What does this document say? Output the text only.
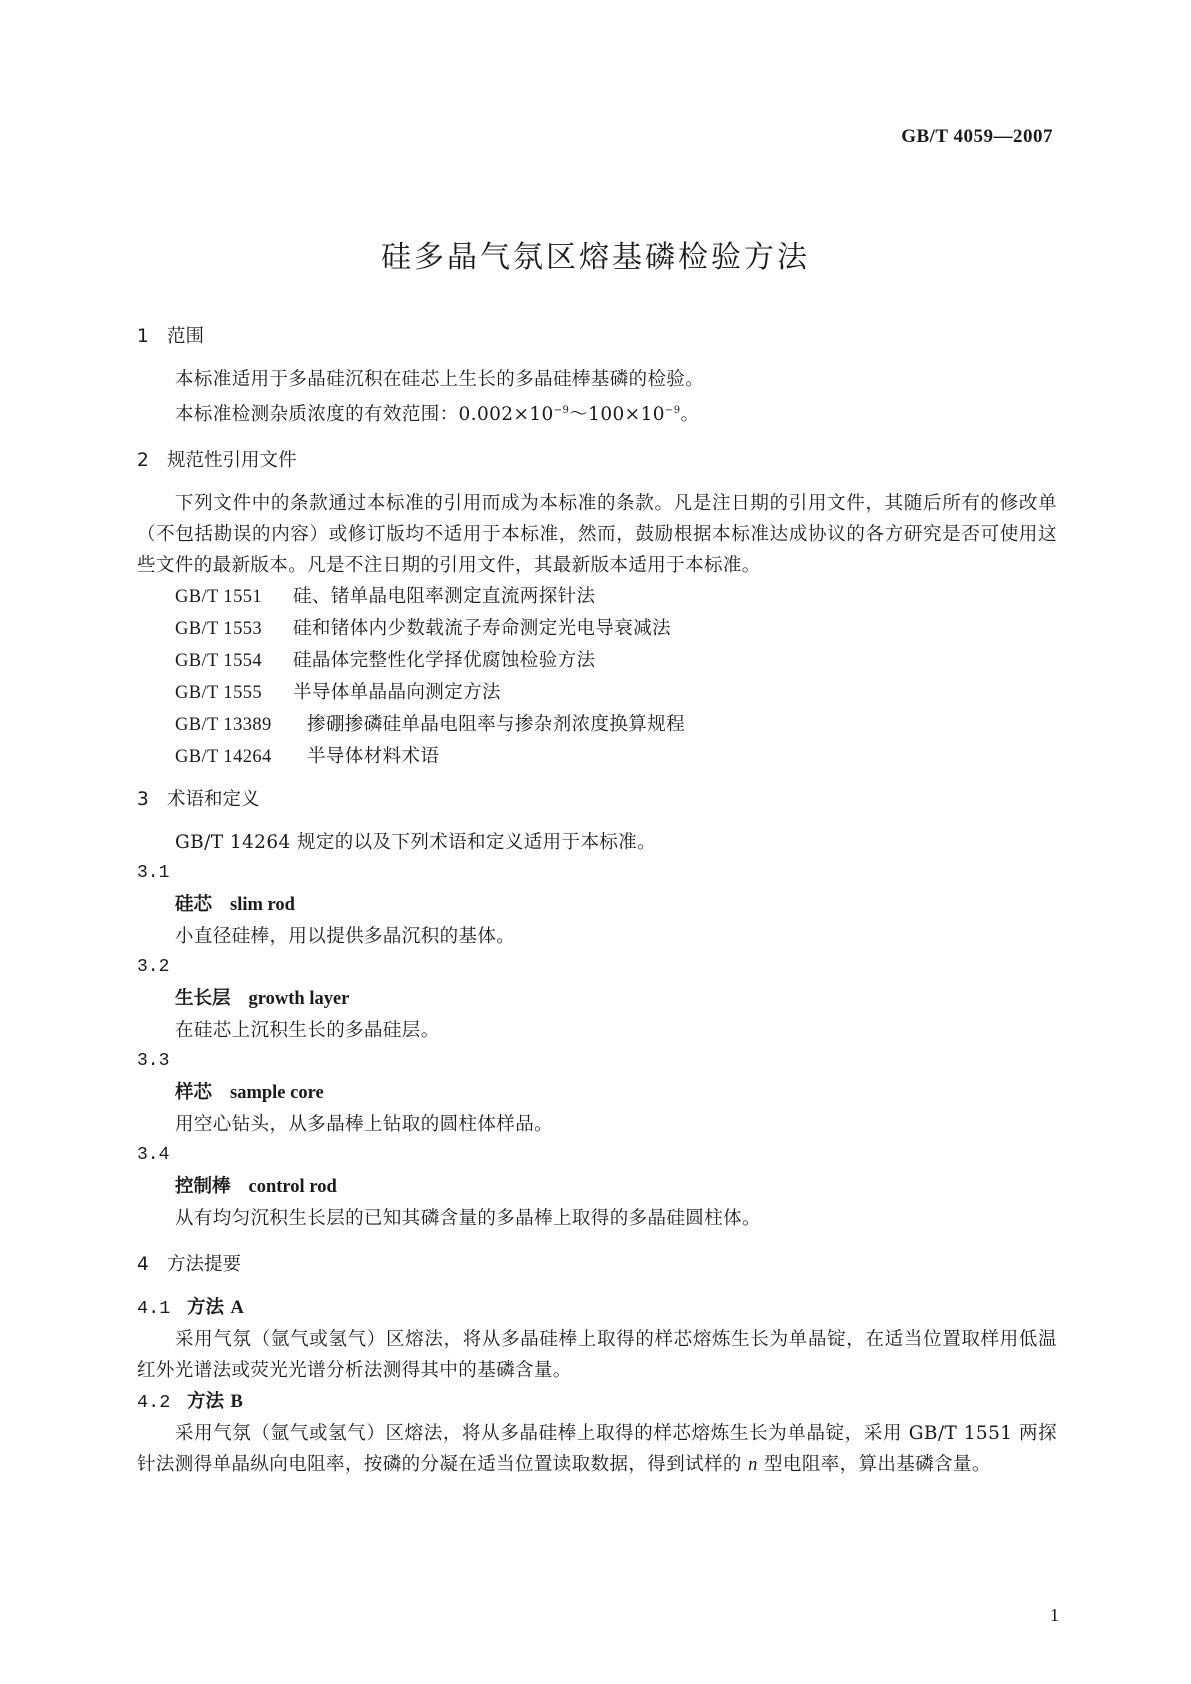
GB/T 4059—2007
硅多晶气氛区熔基磷检验方法
1 范围

本标准适用于多晶硅沉积在硅芯上生长的多晶硅棒基磷的检验。

本标准检测杂质浓度的有效范围：$0.002\times 10^{-9}\sim 100\times 10^{-9}$。

2 规范性引用文件

下列文件中的条款通过本标准的引用而成为本标准的条款。凡是注日期的引用文件，其随后所有的修改单（不包括勘误的内容）或修订版均不适用于本标准，然而，鼓励根据本标准达成协议的各方研究是否可使用这些文件的最新版本。凡是不注日期的引用文件，其最新版本适用于本标准。

GB/T 1551 硅、锗单晶电阻率测定直流两探针法
GB/T 1553 硅和锗体内少数载流子寿命测定光电导衰减法
GB/T 1554 硅晶体完整性化学择优腐蚀检验方法
GB/T 1555 半导体单晶晶向测定方法
GB/T 13389 掺硼掺磷硅单晶电阻率与掺杂剂浓度换算规程
GB/T 14264 半导体材料术语
3 术语和定义

GB/T 14264 规定的以及下列术语和定义适用于本标准。

3.1

硅芯 slim rod

小直径硅棒，用以提供多晶沉积的基体。

3.2

生长层 growth layer

在硅芯上沉积生长的多晶硅层。

3.3

样芯 sample core

用空心钻头，从多晶棒上钻取的圆柱体样品。

3.4

控制棒 control rod

从有均匀沉积生长层的已知其磷含量的多晶棒上取得的多晶硅圆柱体。

4 方法提要

4.1 方法 A

采用气氛（氩气或氢气）区熔法，将从多晶硅棒上取得的样芯熔炼生长为单晶锭，在适当位置取样用低温红外光谱法或荧光光谱分析法测得其中的基磷含量。

4.2 方法 B

采用气氛（氩气或氢气）区熔法，将从多晶硅棒上取得的样芯熔炼生长为单晶锭，采用 GB/T 1551 两探针法测得单晶纵向电阻率，按磷的分凝在适当位置读取数据，得到试样的 n 型电阻率，算出基磷含量。

1
